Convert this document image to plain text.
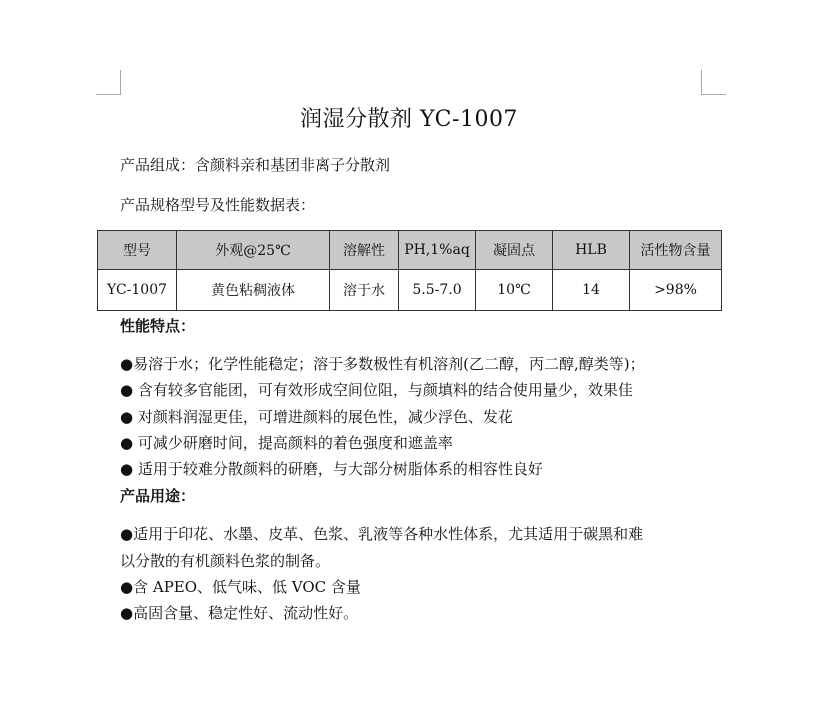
润湿分散剂 YC-1007
产品组成：含颜料亲和基团非离子分散剂
产品规格型号及性能数据表：
型号	外观@25℃	溶解性	PH,1%aq	凝固点	HLB	活性物含量
YC-1007	黄色粘稠液体	溶于水	5.5-7.0	10℃	14	>98%
性能特点：
●易溶于水；化学性能稳定；溶于多数极性有机溶剂(乙二醇，丙二醇,醇类等)；
● 含有较多官能团，可有效形成空间位阻，与颜填料的结合使用量少，效果佳
● 对颜料润湿更佳，可增进颜料的展色性，减少浮色、发花
● 可减少研磨时间，提高颜料的着色强度和遮盖率
● 适用于较难分散颜料的研磨，与大部分树脂体系的相容性良好
产品用途：
●适用于印花、水墨、皮革、色浆、乳液等各种水性体系，尤其适用于碳黑和难
以分散的有机颜料色浆的制备。
●含 APEO、低气味、低 VOC 含量
●高固含量、稳定性好、流动性好。
